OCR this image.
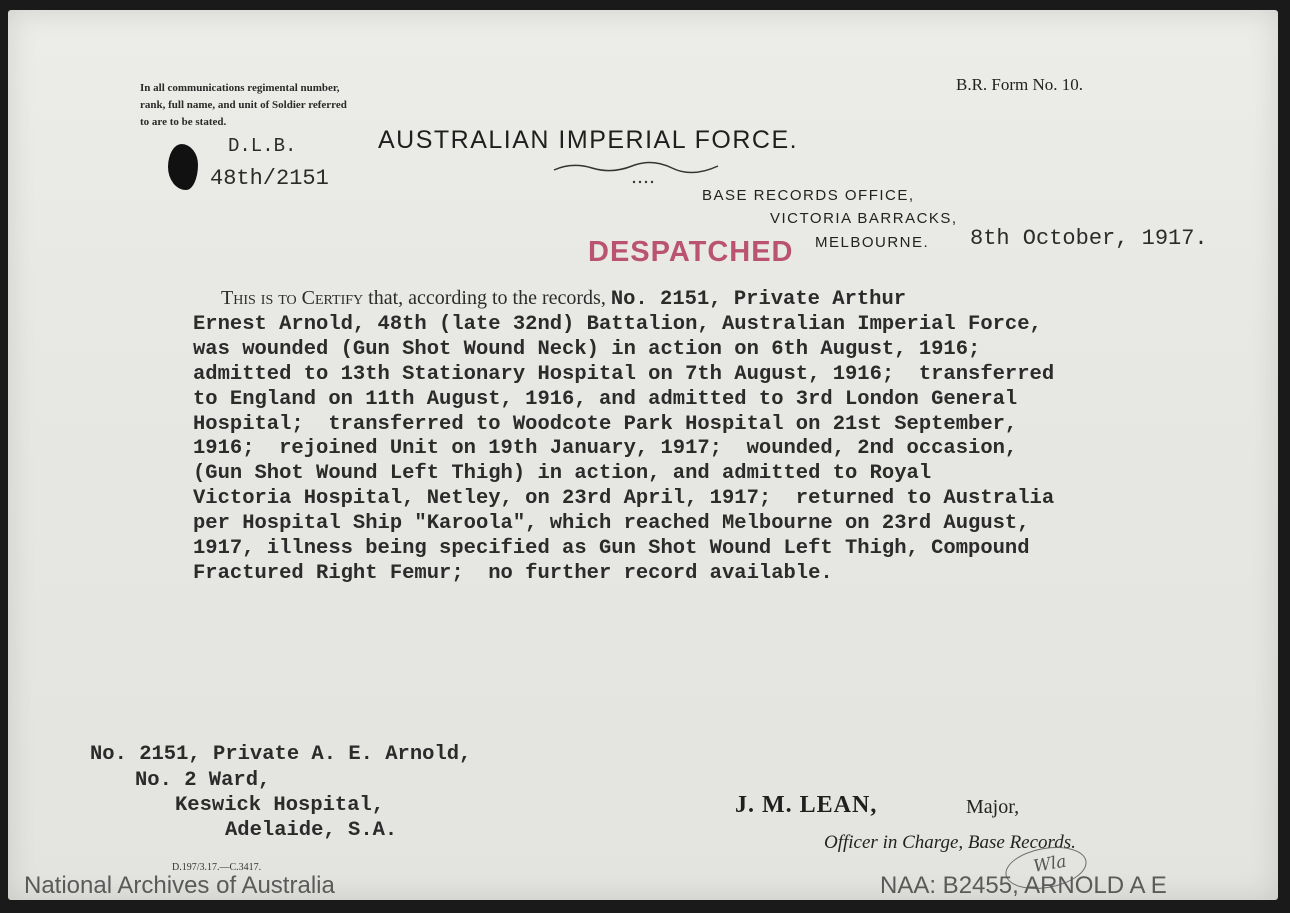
In all communications regimental number,
rank, full name, and unit of Soldier referred
to are to be stated.
B.R. Form No. 10.
D.L.B.
48th/2151
AUSTRALIAN IMPERIAL FORCE.
BASE RECORDS OFFICE,
VICTORIA BARRACKS,
MELBOURNE.
DESPATCHED	8th October, 1917.
This is to Certify that, according to the records, No. 2151, Private Arthur
Ernest Arnold, 48th (late 32nd) Battalion, Australian Imperial Force,
was wounded (Gun Shot Wound Neck) in action on 6th August, 1916;
admitted to 13th Stationary Hospital on 7th August, 1916;  transferred
to England on 11th August, 1916, and admitted to 3rd London General
Hospital;  transferred to Woodcote Park Hospital on 21st September,
1916;  rejoined Unit on 19th January, 1917;  wounded, 2nd occasion,
(Gun Shot Wound Left Thigh) in action, and admitted to Royal
Victoria Hospital, Netley, on 23rd April, 1917;  returned to Australia
per Hospital Ship "Karoola", which reached Melbourne on 23rd August,
1917, illness being specified as Gun Shot Wound Left Thigh, Compound
Fractured Right Femur;  no further record available.
No. 2151, Private A. E. Arnold,
No. 2 Ward,
Keswick Hospital,
Adelaide, S.A.
J. M. LEAN,	Major,
Officer in Charge, Base Records.
Wla
D.197/3.17.—C.3417.
National Archives of Australia	NAA: B2455, ARNOLD A E
